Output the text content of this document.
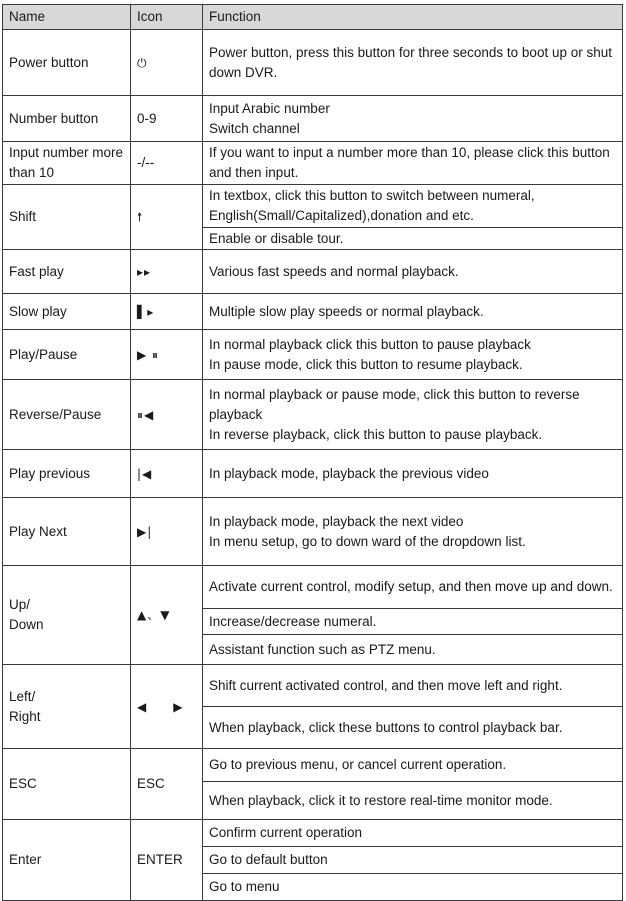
Name	Icon	Function

Power button	⏻	Power button, press this button for three seconds to boot up or shut down DVR.

Number button	0-9	Input Arabic number
Switch channel

Input number more than 10	-/--	If you want to input a number more than 10, please click this button and then input.

Shift	🠕	In textbox, click this button to switch between numeral, English(Small/Capitalized),donation and etc.

		Enable or disable tour.

Fast play	▸▸	Various fast speeds and normal playback.

Slow play	▌▸	Multiple slow play speeds or normal playback.

Play/Pause	▶ ⏸	In normal playback click this button to pause playback
In pause mode, click this button to resume playback.

Reverse/Pause	⏸◀	In normal playback or pause mode, click this button to reverse playback
In reverse playback, click this button to pause playback.

Play previous	|◀	In playback mode, playback the previous video

Play Next	▶|	In playback mode, playback the next video
In menu setup, go to down ward of the dropdown list.

Up/
Down	▲、▼	Activate current control, modify setup, and then move up and down.

		Increase/decrease numeral.

		Assistant function such as PTZ menu.

Left/
Right	◀ ▶	Shift current activated control, and then move left and right.

		When playback, click these buttons to control playback bar.

ESC	ESC	Go to previous menu, or cancel current operation.

		When playback, click it to restore real-time monitor mode.

Enter	ENTER	Confirm current operation

		Go to default button

		Go to menu
